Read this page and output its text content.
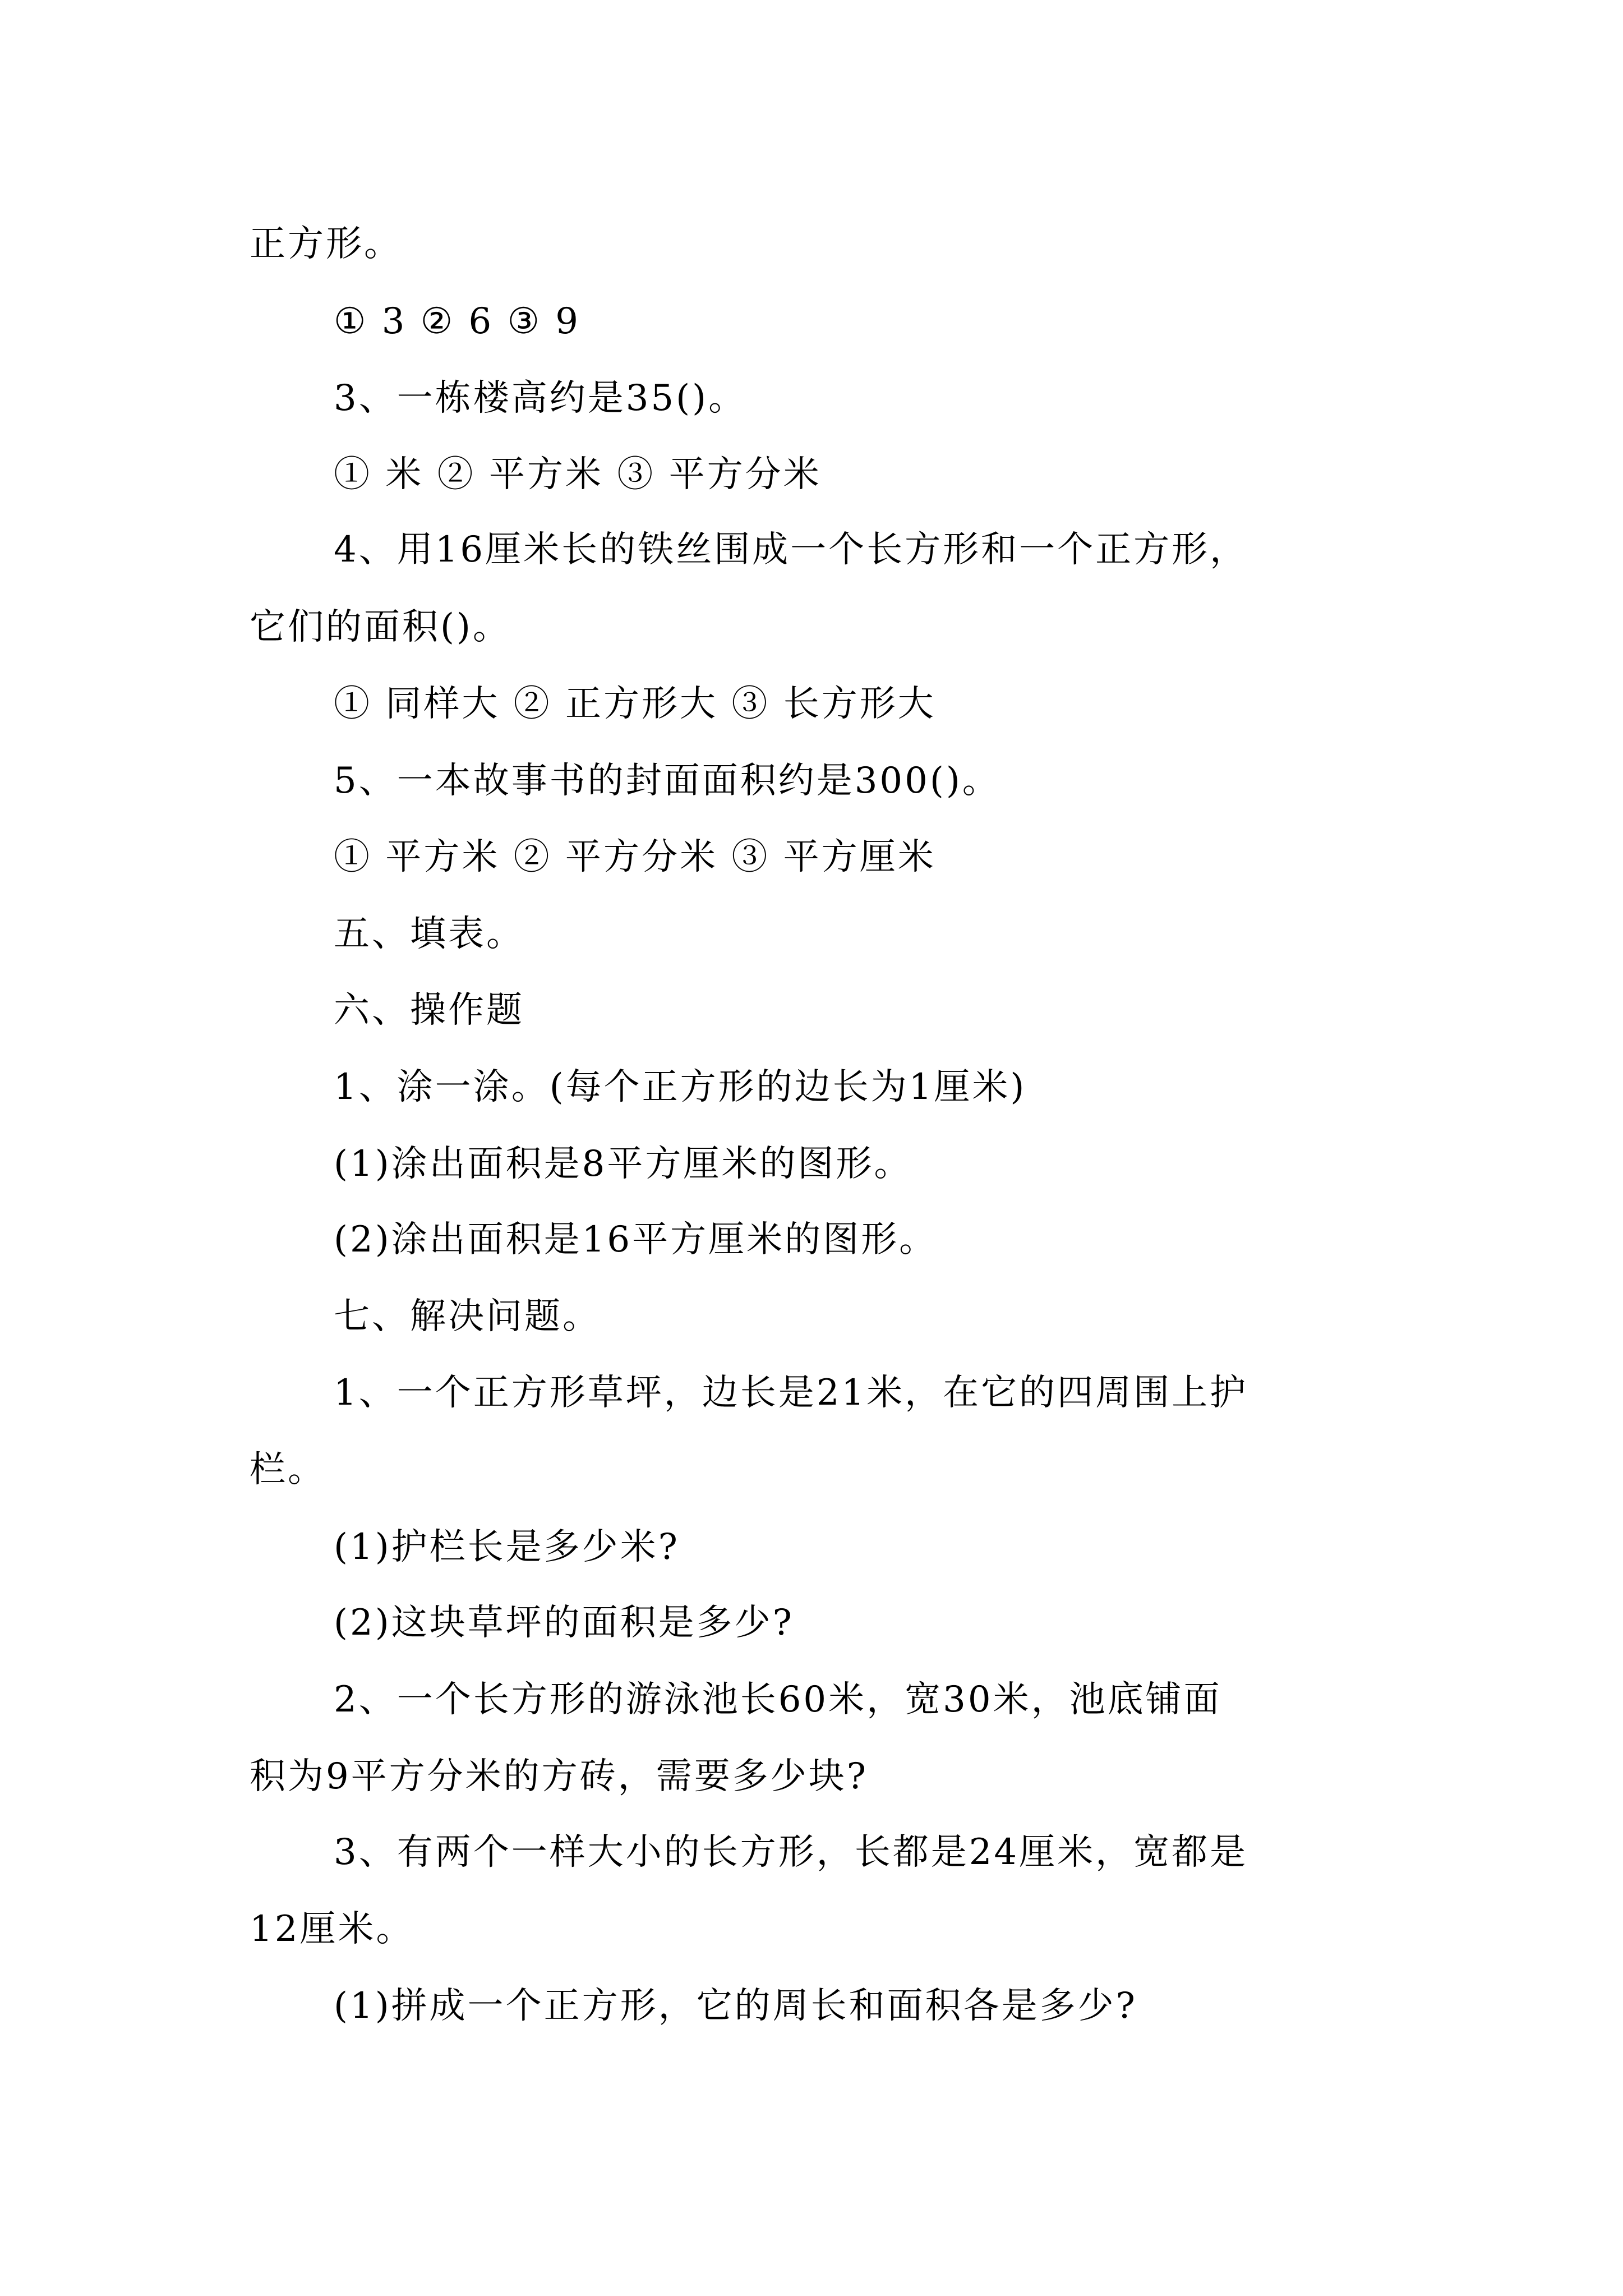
正方形。
① 3 ② 6 ③ 9
3、一栋楼高约是35()。
① 米 ② 平方米 ③ 平方分米
4、用16厘米长的铁丝围成一个长方形和一个正方形，
它们的面积()。
① 同样大 ② 正方形大 ③ 长方形大
5、一本故事书的封面面积约是300()。
① 平方米 ② 平方分米 ③ 平方厘米
五、填表。
六、操作题
1、涂一涂。(每个正方形的边长为1厘米)
(1)涂出面积是8平方厘米的图形。
(2)涂出面积是16平方厘米的图形。
七、解决问题。
1、一个正方形草坪，边长是21米，在它的四周围上护
栏。
(1)护栏长是多少米?
(2)这块草坪的面积是多少?
2、一个长方形的游泳池长60米，宽30米，池底铺面
积为9平方分米的方砖，需要多少块?
3、有两个一样大小的长方形，长都是24厘米，宽都是
12厘米。
(1)拼成一个正方形，它的周长和面积各是多少?
